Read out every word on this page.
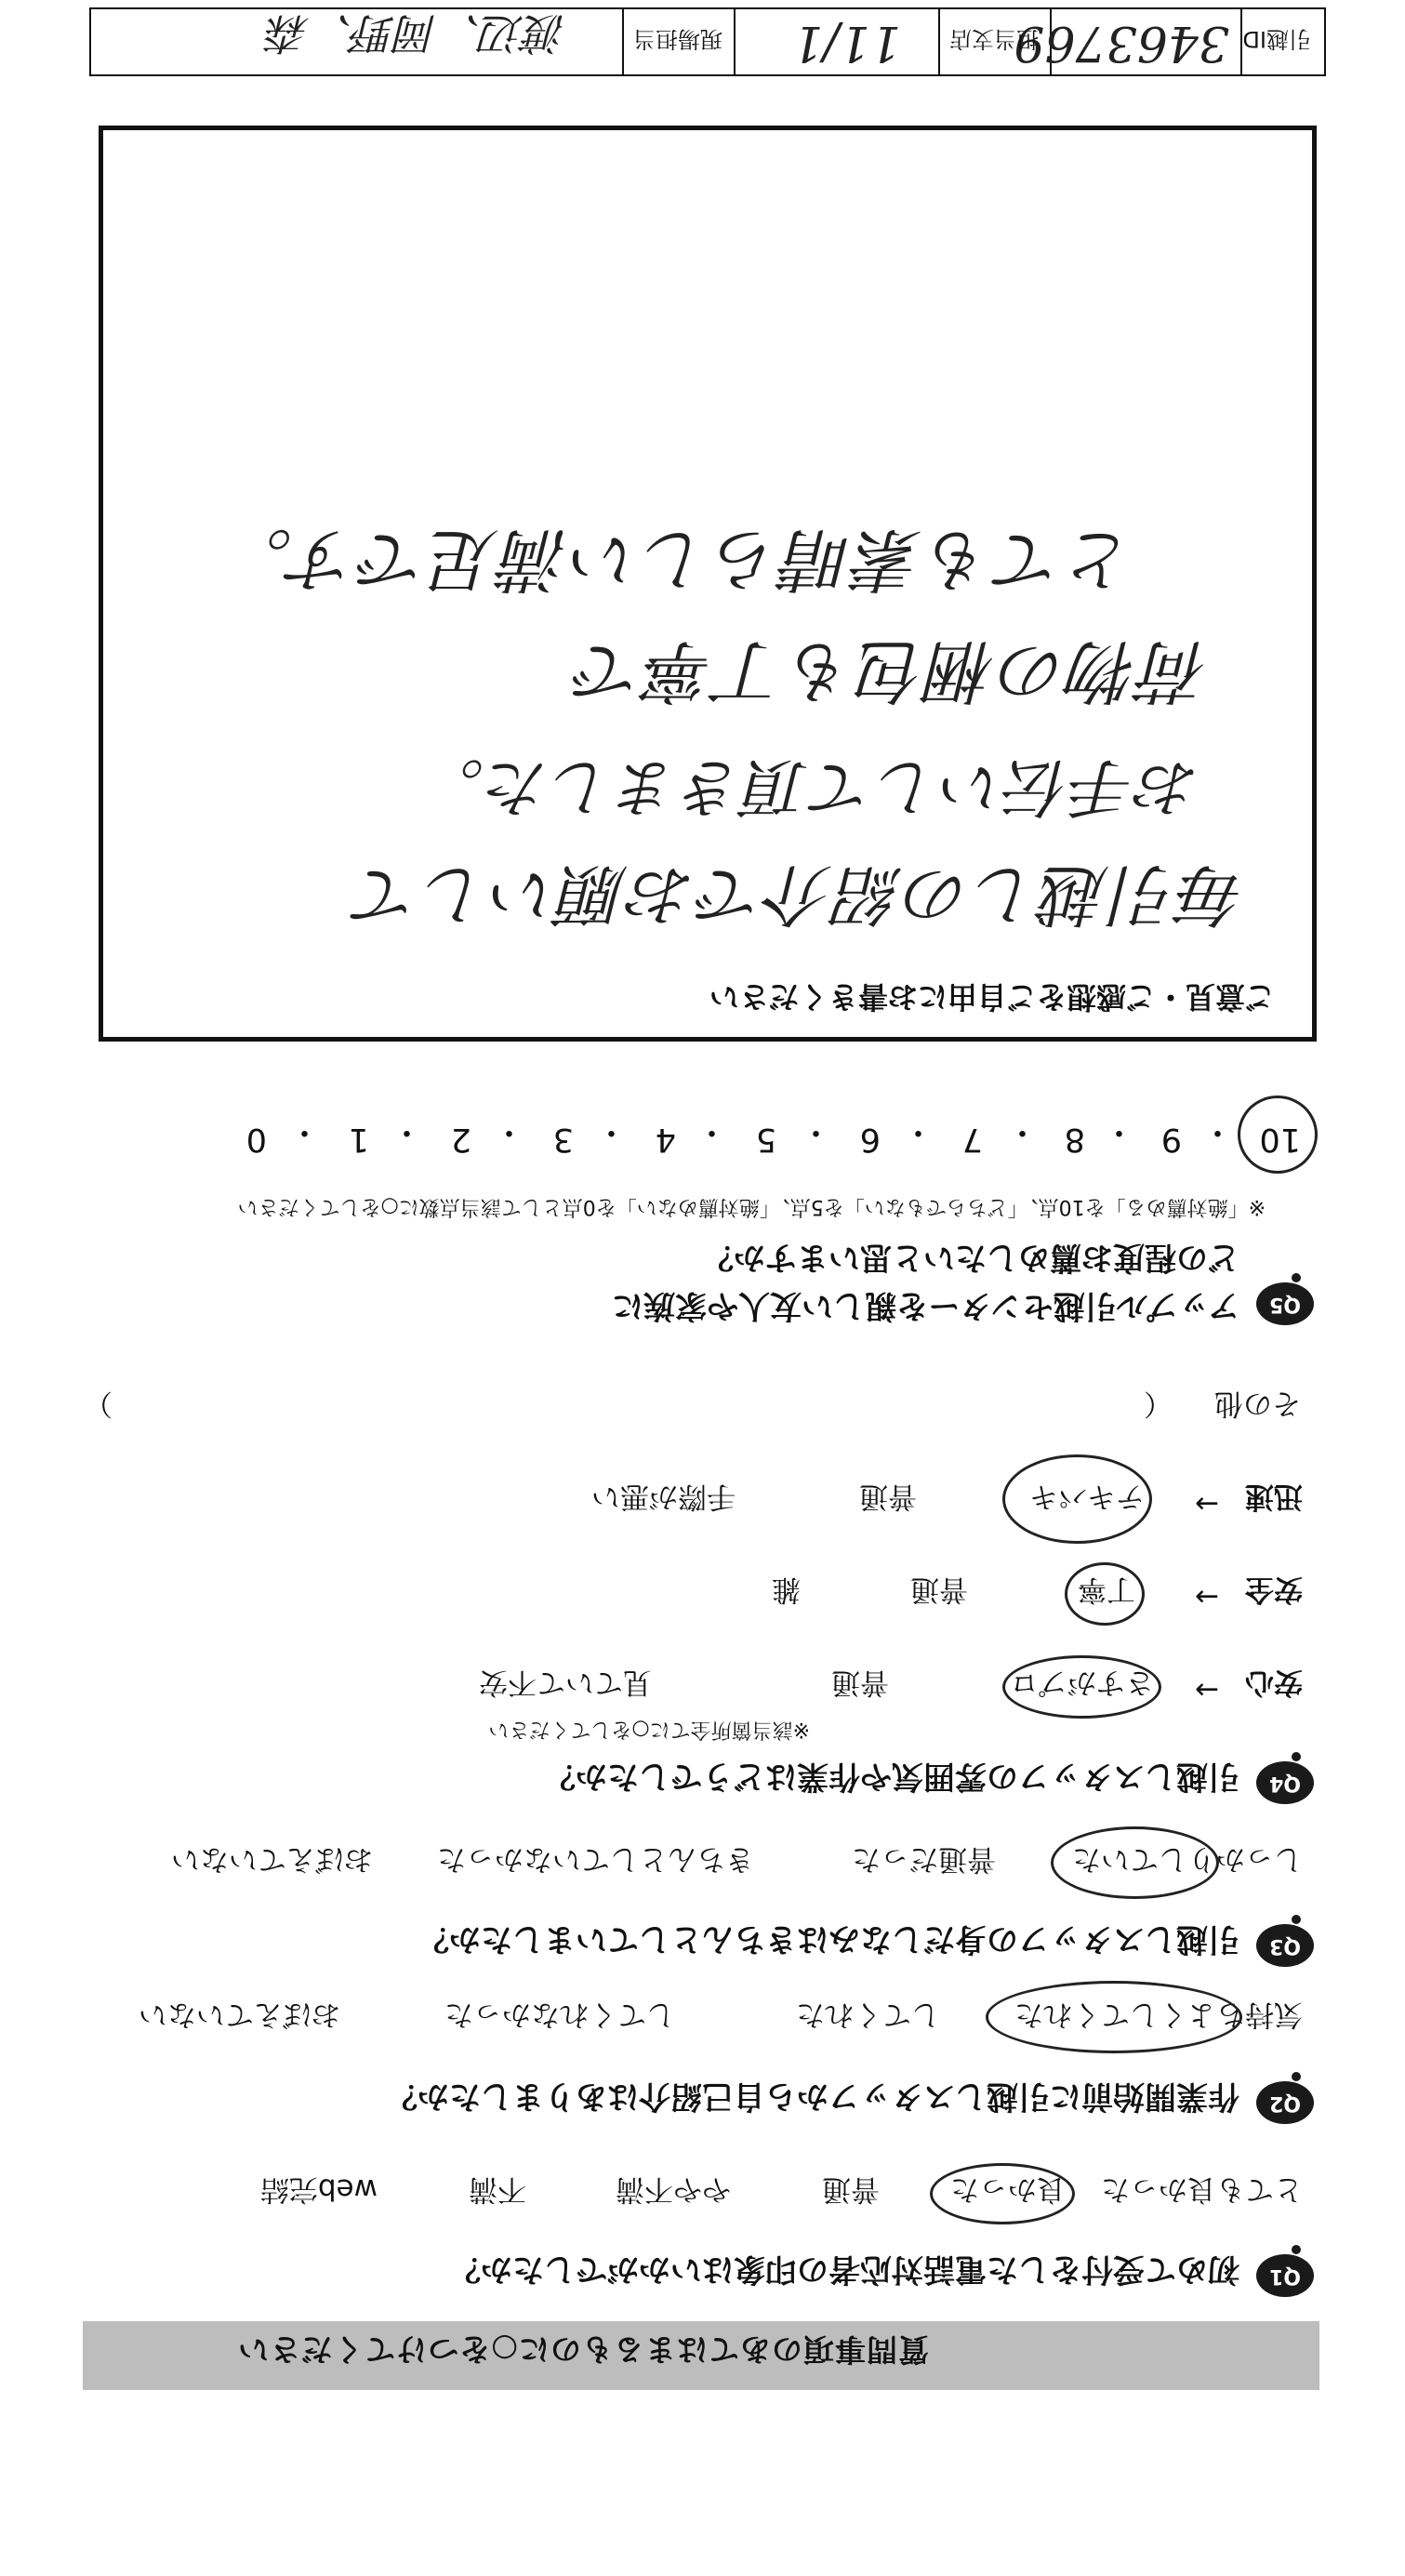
質問事項のあてはまるものに○をつけてください
Q1
初めて受付をした電話対応者の印象はいかがでしたか？
とても良かった
良かった
普通
やや不満
不満
web完結
Q2
作業開始前に引越しスタッフから自己紹介はありましたか？
気持ちよくしてくれた
してくれた
してくれなかった
おぼえていない
Q3
引越しスタッフの身だしなみはきちんとしていましたか？
しっかりしていた
普通だった
きちんとしていなかった
おぼえていない
Q4
引越しスタッフの雰囲気や作業はどうでしたか？
※該当箇所全てに○をしてください
安心
→
さすがプロ
普通
見ていて不安
安全
→
丁寧
普通
雑
迅速
→
テキパキ
普通
手際が悪い
その他
（
）
Q5
アップル引越センターを親しい友人や家族に
どの程度お薦めしたいと思いますか？
※「絶対薦める」を10点、「どちらでもない」を5点、「絶対薦めない」を0点として該当点数に○をしてください
10
・
9
・
8
・
7
・
6
・
5
・
4
・
3
・
2
・
1
・
0
ご意見・ご感想をご自由にお書きください
毎引越しの紹介でお願いして
お手伝いして頂きました。
荷物の梱包も丁寧で
とても素晴らしい満足です。
引越ID
3463769
担当支店
11/1
現場担当
渡辺、岡野、森
